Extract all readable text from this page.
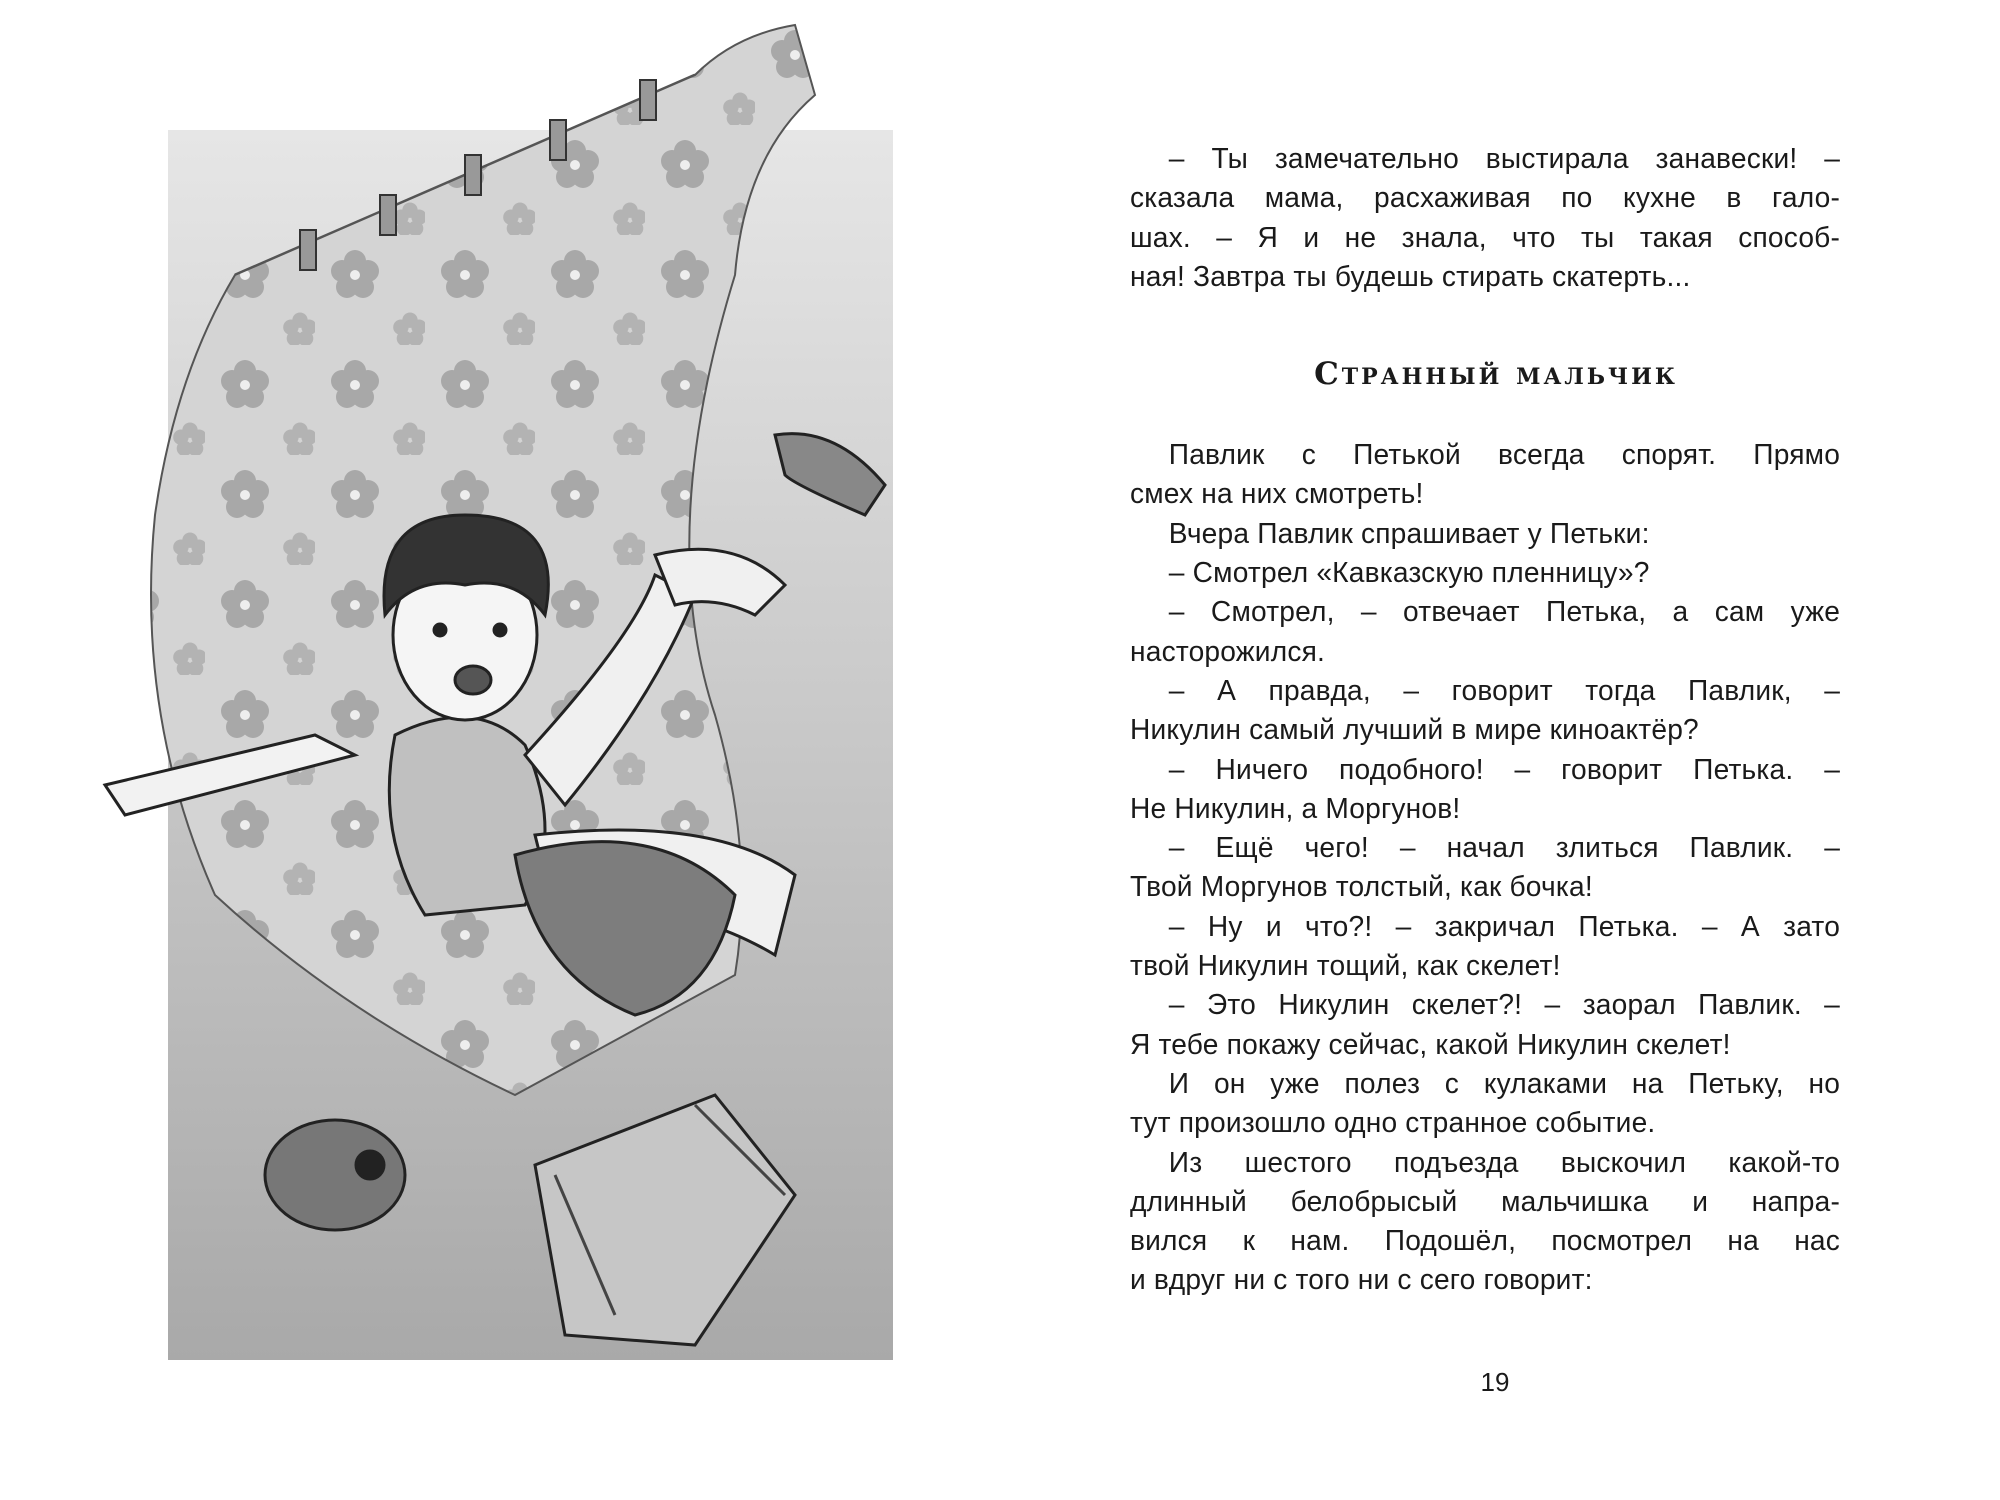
– Ты замечательно выстирала занавески! –
сказала мама, расхаживая по кухне в гало-
шах. – Я и не знала, что ты такая способ-
ная! Завтра ты будешь стирать скатерть...
Странный мальчик
Павлик с Петькой всегда спорят. Прямо
смех на них смотреть!
Вчера Павлик спрашивает у Петьки:
– Смотрел «Кавказскую пленницу»?
– Смотрел, – отвечает Петька, а сам уже
насторожился.
– А правда, – говорит тогда Павлик, –
Никулин самый лучший в мире киноактёр?
– Ничего подобного! – говорит Петька. –
Не Никулин, а Моргунов!
– Ещё чего! – начал злиться Павлик. –
Твой Моргунов толстый, как бочка!
– Ну и что?! – закричал Петька. – А зато
твой Никулин тощий, как скелет!
– Это Никулин скелет?! – заорал Павлик. –
Я тебе покажу сейчас, какой Никулин скелет!
И он уже полез с кулаками на Петьку, но
тут произошло одно странное событие.
Из шестого подъезда выскочил какой-то
длинный белобрысый мальчишка и напра-
вился к нам. Подошёл, посмотрел на нас
и вдруг ни с того ни с сего говорит:
19
